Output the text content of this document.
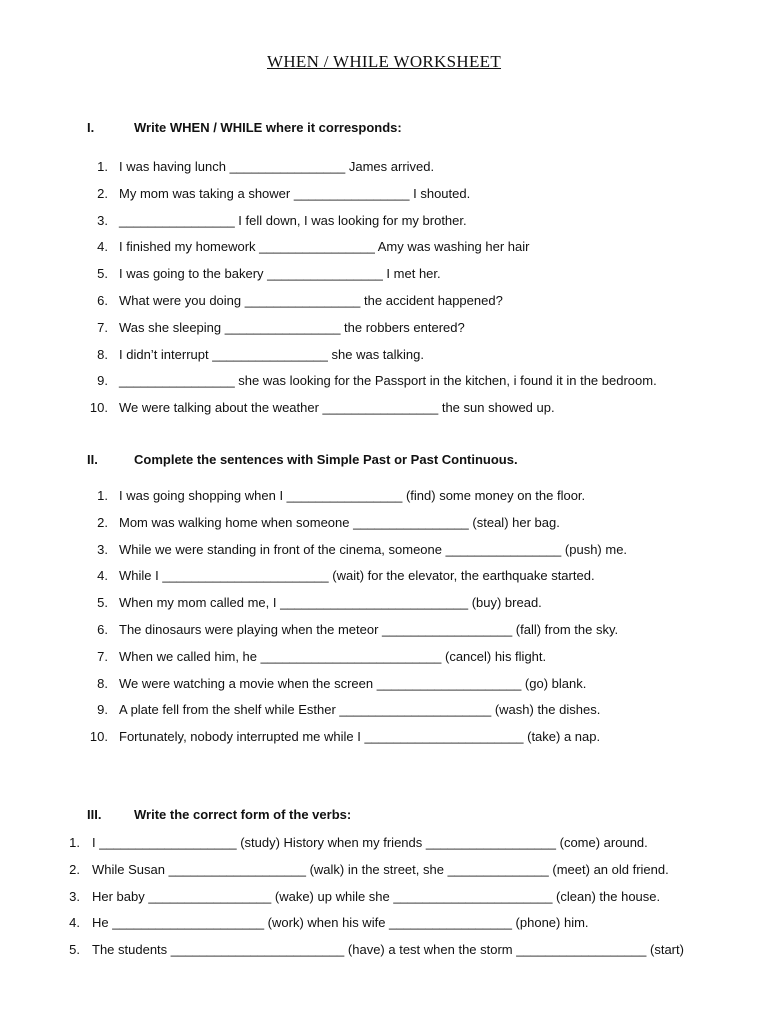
WHEN / WHILE WORKSHEET
I.	Write WHEN / WHILE where it corresponds:
1. I was having lunch ________________ James arrived.
2. My mom was taking a shower ________________ I shouted.
3. ________________ I fell down, I was looking for my brother.
4. I finished my homework ________________ Amy was washing her hair
5. I was going to the bakery ________________ I met her.
6. What were you doing ________________ the accident happened?
7. Was she sleeping ________________ the robbers entered?
8. I didn’t interrupt ________________ she was talking.
9. ________________ she was looking for the Passport in the kitchen, i found it in the bedroom.
10. We were talking about the weather ________________ the sun showed up.
II.	Complete the sentences with Simple Past or Past Continuous.
1. I was going shopping when I ________________ (find) some money on the floor.
2. Mom was walking home when someone ________________ (steal) her bag.
3. While we were standing in front of the cinema, someone ________________ (push) me.
4. While I _______________________ (wait) for the elevator, the earthquake started.
5. When my mom called me, I __________________________ (buy) bread.
6. The dinosaurs were playing when the meteor __________________ (fall) from the sky.
7. When we called him, he _________________________ (cancel) his flight.
8. We were watching a movie when the screen ____________________ (go) blank.
9. A plate fell from the shelf while Esther _____________________ (wash) the dishes.
10. Fortunately, nobody interrupted me while I ______________________ (take) a nap.
III.	Write the correct form of the verbs:
1. I ___________________ (study) History when my friends __________________ (come) around.
2. While Susan ___________________ (walk) in the street, she ______________ (meet) an old friend.
3. Her baby _________________ (wake) up while she ______________________ (clean) the house.
4. He _____________________ (work) when his wife _________________ (phone) him.
5. The students ________________________ (have) a test when the storm __________________ (start)
